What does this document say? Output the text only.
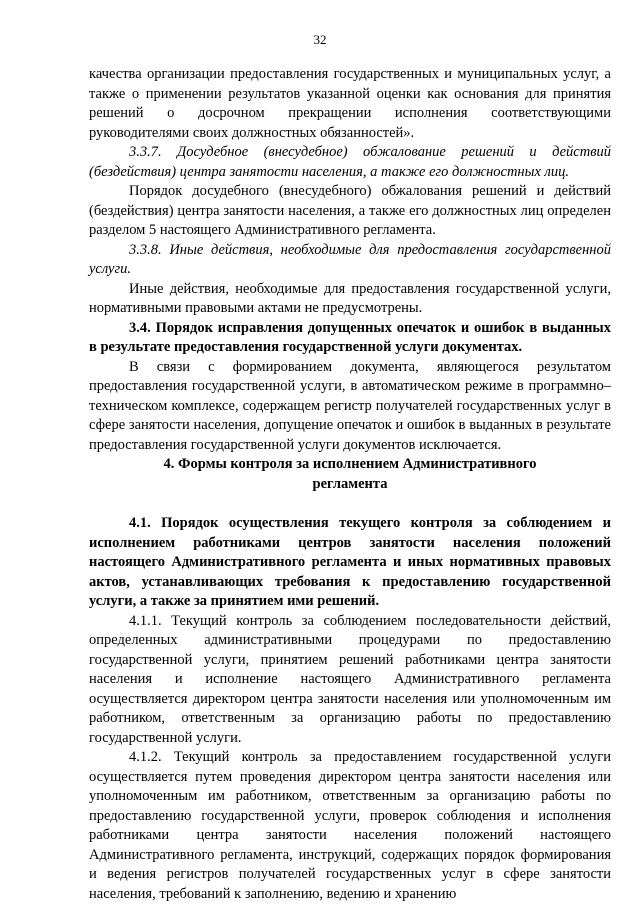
32

качества организации предоставления государственных и муниципальных услуг, а также о применении результатов указанной оценки как основания для принятия решений о досрочном прекращении исполнения соответствующими руководителями своих должностных обязанностей».

3.3.7. Досудебное (внесудебное) обжалование решений и действий (бездействия) центра занятости населения, а также его должностных лиц.

Порядок досудебного (внесудебного) обжалования решений и действий (бездействия) центра занятости населения, а также его должностных лиц определен разделом 5 настоящего Административного регламента.

3.3.8. Иные действия, необходимые для предоставления государственной услуги.

Иные действия, необходимые для предоставления государственной услуги, нормативными правовыми актами не предусмотрены.

3.4. Порядок исправления допущенных опечаток и ошибок в выданных в результате предоставления государственной услуги документах.

В связи с формированием документа, являющегося результатом предоставления государственной услуги, в автоматическом режиме в программно–техническом комплексе, содержащем регистр получателей государственных услуг в сфере занятости населения, допущение опечаток и ошибок в выданных в результате предоставления государственной услуги документов исключается.

4. Формы контроля за исполнением Административного регламента

4.1. Порядок осуществления текущего контроля за соблюдением и исполнением работниками центров занятости населения положений настоящего Административного регламента и иных нормативных правовых актов, устанавливающих требования к предоставлению государственной услуги, а также за принятием ими решений.

4.1.1. Текущий контроль за соблюдением последовательности действий, определенных административными процедурами по предоставлению государственной услуги, принятием решений работниками центра занятости населения и исполнение настоящего Административного регламента осуществляется директором центра занятости населения или уполномоченным им работником, ответственным за организацию работы по предоставлению государственной услуги.

4.1.2. Текущий контроль за предоставлением государственной услуги осуществляется путем проведения директором центра занятости населения или уполномоченным им работником, ответственным за организацию работы по предоставлению государственной услуги, проверок соблюдения и исполнения работниками центра занятости населения положений настоящего Административного регламента, инструкций, содержащих порядок формирования и ведения регистров получателей государственных услуг в сфере занятости населения, требований к заполнению, ведению и хранению
